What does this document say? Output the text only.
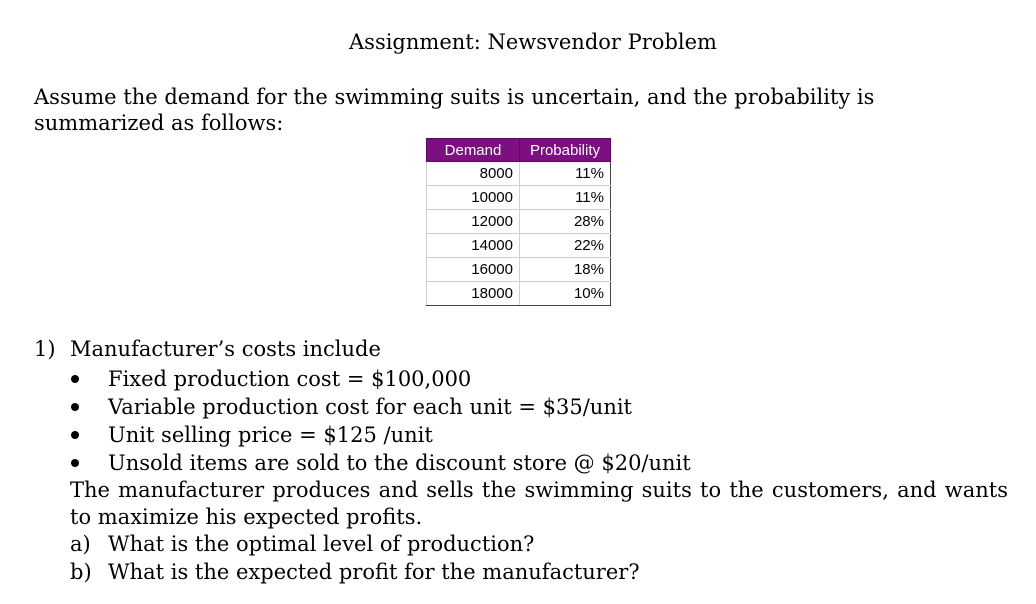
Assignment: Newsvendor Problem
Assume the demand for the swimming suits is uncertain, and the probability is summarized as follows:
Demand	Probability
8000	11%
10000	11%
12000	28%
14000	22%
16000	18%
18000	10%
1) Manufacturer’s costs include
Fixed production cost = $100,000
Variable production cost for each unit = $35/unit
Unit selling price = $125 /unit
Unsold items are sold to the discount store @ $20/unit
The manufacturer produces and sells the swimming suits to the customers, and wants to maximize his expected profits.
a) What is the optimal level of production?
b) What is the expected profit for the manufacturer?
